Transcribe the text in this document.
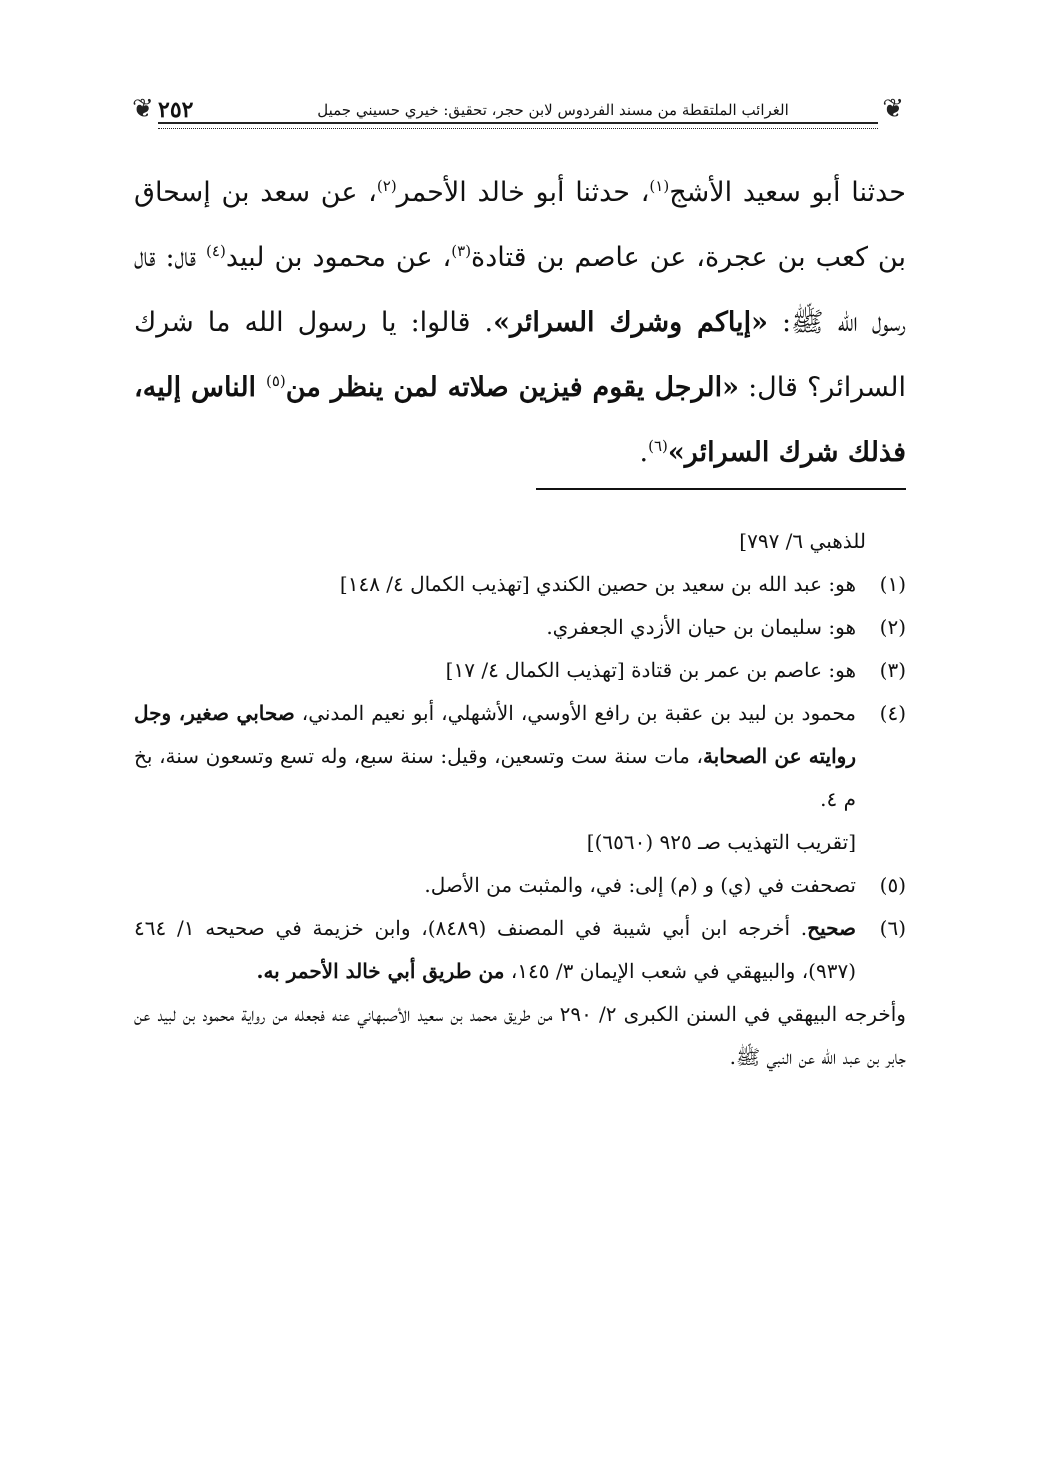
❦
الغرائب الملتقطة من مسند الفردوس لابن حجر، تحقيق: خيري حسيني جميل
٢٥٢
❦
حدثنا أبو سعيد الأشج$^{(١)}$، حدثنا أبو خالد الأحمر$^{(٢)}$، عن سعد بن إسحاق بن كعب بن عجرة، عن عاصم بن قتادة$^{(٣)}$، عن محمود بن لبيد$^{(٤)}$ قال: قال رسول الله ﷺ: «إياكم وشرك السرائر». قالوا: يا رسول الله ما شرك السرائر؟ قال: «الرجل يقوم فيزين صلاته لمن ينظر من$^{(٥)}$ الناس إليه، فذلك شرك السرائر»$^{(٦)}$.
للذهبي ٦/ ٧٩٧]
(١)
هو: عبد الله بن سعيد بن حصين الكندي [تهذيب الكمال ٤/ ١٤٨]
(٢)
هو: سليمان بن حيان الأزدي الجعفري.
(٣)
هو: عاصم بن عمر بن قتادة [تهذيب الكمال ٤/ ١٧]
(٤)
محمود بن لبيد بن عقبة بن رافع الأوسي، الأشهلي، أبو نعيم المدني، صحابي صغير، وجل روايته عن الصحابة، مات سنة ست وتسعين، وقيل: سنة سبع، وله تسع وتسعون سنة، بخ م ٤.
[تقريب التهذيب صـ ٩٢٥ (٦٥٦٠)]
(٥)
تصحفت في (ي) و (م) إلى: في، والمثبت من الأصل.
(٦)
صحيح. أخرجه ابن أبي شيبة في المصنف (٨٤٨٩)، وابن خزيمة في صحيحه ١/ ٤٦٤ (٩٣٧)، والبيهقي في شعب الإيمان ٣/ ١٤٥، من طريق أبي خالد الأحمر به.
وأخرجه البيهقي في السنن الكبرى ٢/ ٢٩٠ من طريق محمد بن سعيد الأصبهاني عنه فجعله من رواية محمود بن لبيد عن جابر بن عبد الله عن النبي ﷺ.
